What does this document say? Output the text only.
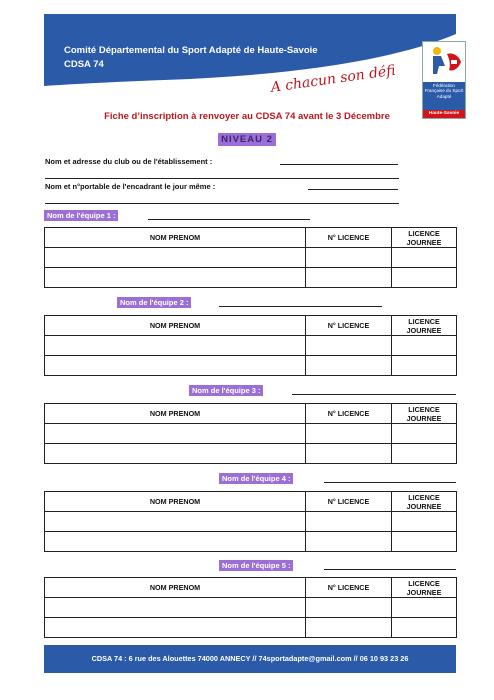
Comité Départemental du Sport Adapté de Haute-Savoie
CDSA 74	A chacun son défi	Fédération Française du Sport Adapté
Haute-Savoie
Fiche d’inscription à renvoyer au CDSA 74 avant le 3 Décembre
NIVEAU 2
Nom et adresse du club ou de l'établissement :
Nom et n°portable de l'encadrant le jour même :
Nom de l'équipe 1 :
NOM PRENOM	N° LICENCE	LICENCE
JOURNEE

Nom de l'équipe 2 :
NOM PRENOM	N° LICENCE	LICENCE
JOURNEE

Nom de l'équipe 3 :
NOM PRENOM	N° LICENCE	LICENCE
JOURNEE

Nom de l'équipe 4 :
NOM PRENOM	N° LICENCE	LICENCE
JOURNEE

Nom de l'équipe 5 :
NOM PRENOM	N° LICENCE	LICENCE
JOURNEE

CDSA 74 : 6 rue des Alouettes 74000 ANNECY // 74sportadapte@gmail.com // 06 10 93 23 26
